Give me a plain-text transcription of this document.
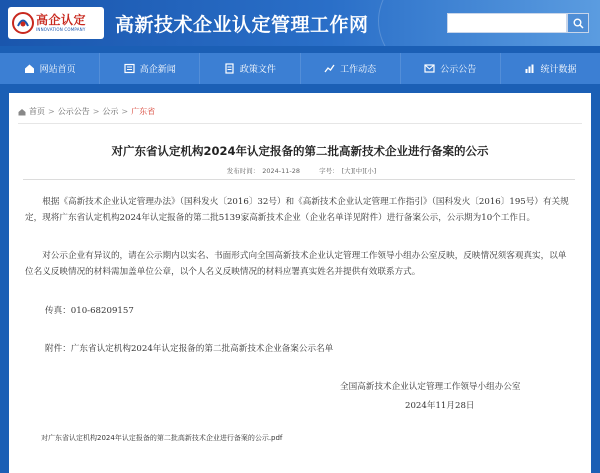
高企认定
INNOVATION COMPANY 高新技术企业认定管理工作网
网站首页	高企新闻	政策文件	工作动态	公示公告	统计数据
首页 > 公示公告 > 公示 > 广东省
对广东省认定机构2024年认定报备的第二批高新技术企业进行备案的公示
发布时间： 2024-11-28	字号： [大][中][小]

根据《高新技术企业认定管理办法》（国科发火〔2016〕32号）和《高新技术企业认定管理工作指引》（国科发火〔2016〕195号）有关规定，现将广东省认定机构2024年认定报备的第二批5139家高新技术企业（企业名单详见附件）进行备案公示，公示期为10个工作日。

对公示企业有异议的，请在公示期内以实名、书面形式向全国高新技术企业认定管理工作领导小组办公室反映，反映情况须客观真实，以单位名义反映情况的材料需加盖单位公章，以个人名义反映情况的材料应署真实姓名并提供有效联系方式。

传真：010-68209157

附件：广东省认定机构2024年认定报备的第二批高新技术企业备案公示名单

全国高新技术企业认定管理工作领导小组办公室
2024年11月28日
对广东省认定机构2024年认定报备的第二批高新技术企业进行备案的公示.pdf
